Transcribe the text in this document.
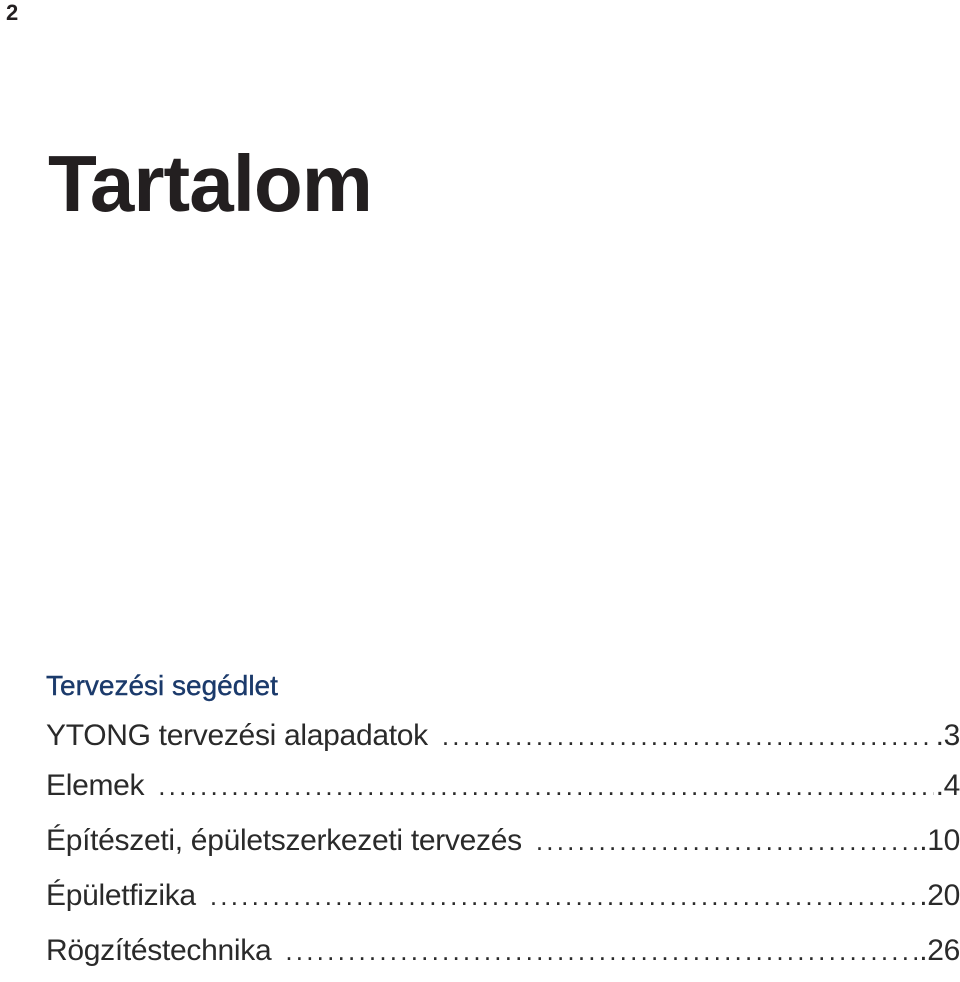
2
Tartalom
Tervezési segédlet
YTONG tervezési alapadatok . . .	.3
Elemek . . .	.4
Építészeti, épületszerkezeti tervezés . . .	.10
Épületfizika . . .	.20
Rögzítéstechnika . . .	.26
